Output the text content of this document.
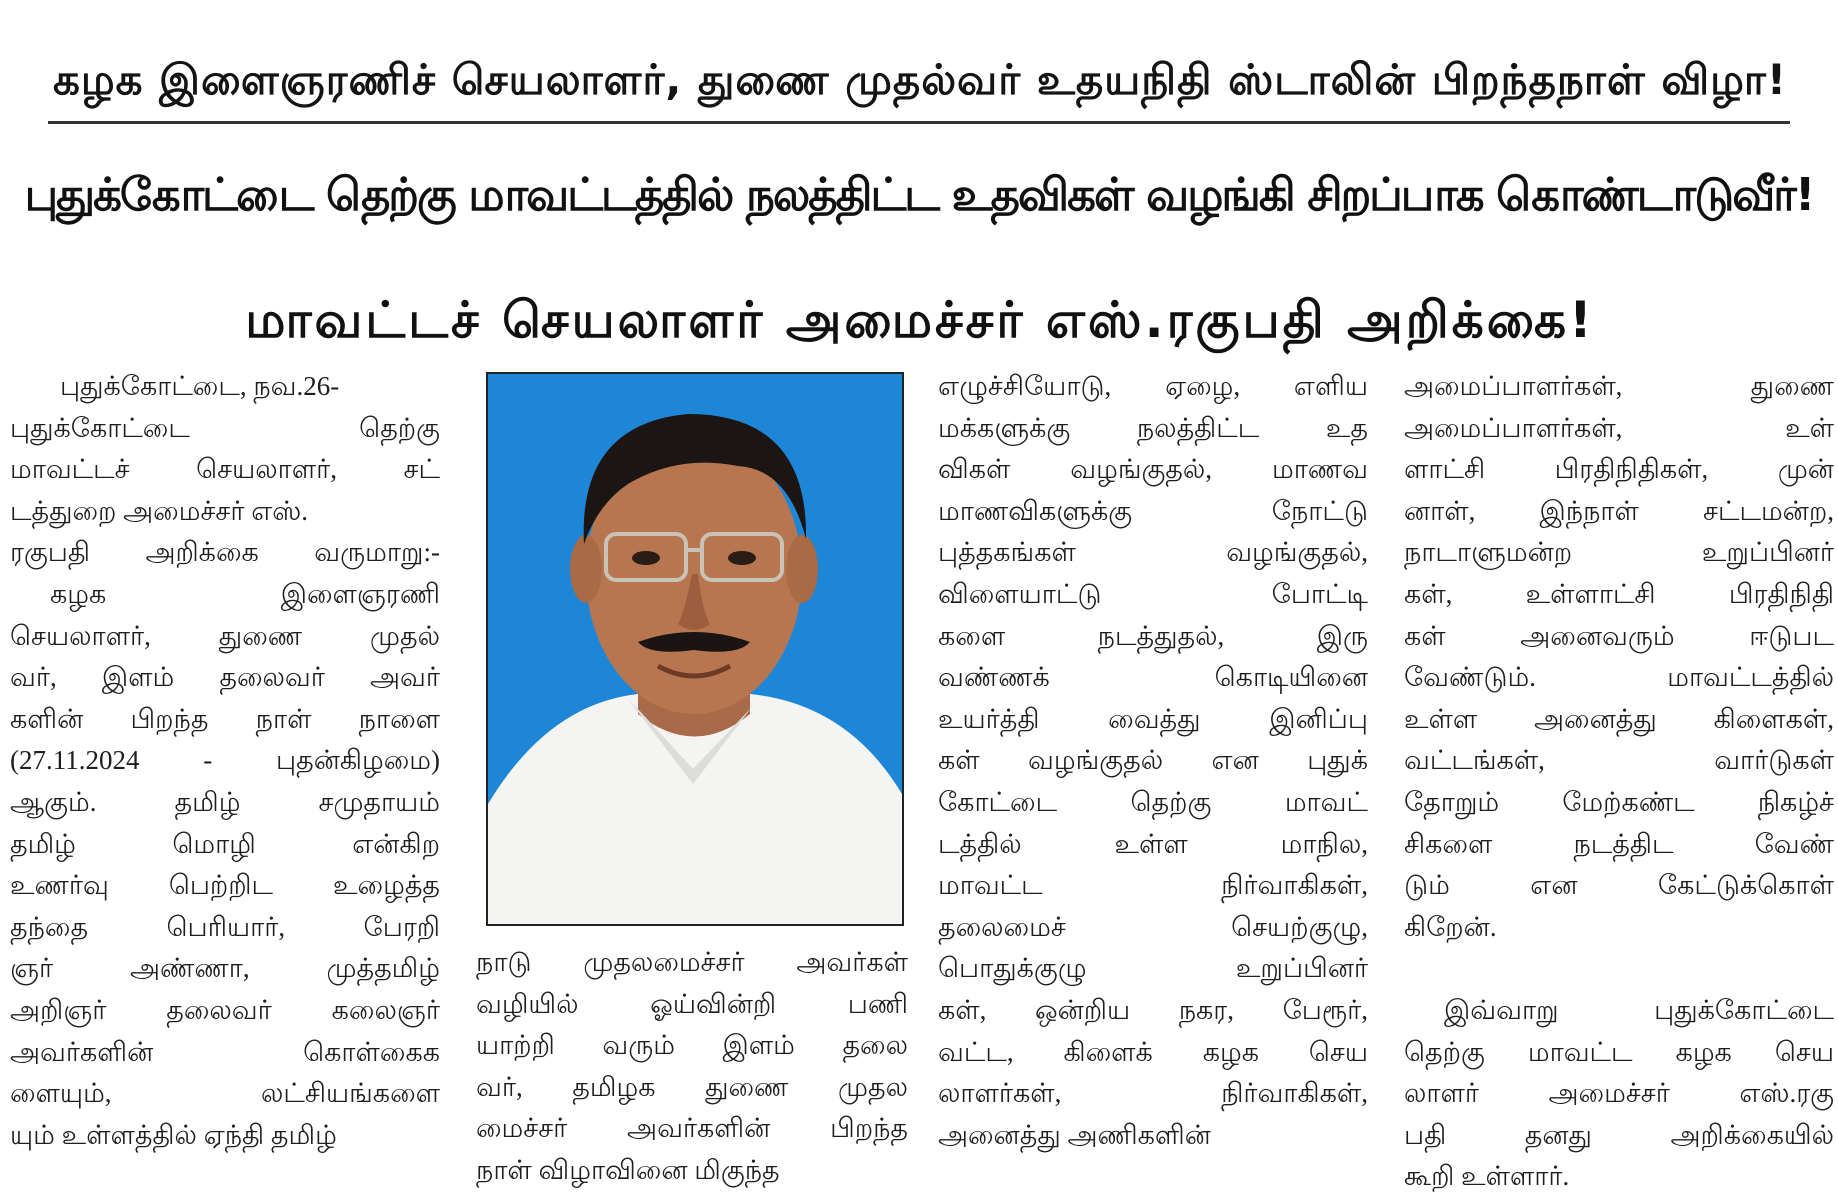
கழக இளைஞரணிச் செயலாளர், துணை முதல்வர் உதயநிதி ஸ்டாலின் பிறந்தநாள் விழா!
புதுக்கோட்டை தெற்கு மாவட்டத்தில் நலத்திட்ட உதவிகள் வழங்கி சிறப்பாக கொண்டாடுவீர்!
மாவட்டச் செயலாளர் அமைச்சர் எஸ்.ரகுபதி அறிக்கை!
புதுக்கோட்டை, நவ.26-
புதுக்கோட்டை தெற்கு
மாவட்டச் செயலாளர், சட்
டத்துறை அமைச்சர் எஸ்.
ரகுபதி அறிக்கை வருமாறு:-
கழக இளைஞரணி
செயலாளர், துணை முதல்
வர், இளம் தலைவர் அவர்
களின் பிறந்த நாள் நாளை
(27.11.2024 - புதன்கிழமை)
ஆகும். தமிழ் சமுதாயம்
தமிழ் மொழி என்கிற
உணர்வு பெற்றிட உழைத்த
தந்தை பெரியார், பேரறி
ஞர் அண்ணா, முத்தமிழ்
அறிஞர் தலைவர் கலைஞர்
அவர்களின் கொள்கைக
ளையும், லட்சியங்களை
யும் உள்ளத்தில் ஏந்தி தமிழ்
நாடு முதலமைச்சர் அவர்கள்
வழியில் ஓய்வின்றி பணி
யாற்றி வரும் இளம் தலை
வர், தமிழக துணை முதல
மைச்சர் அவர்களின் பிறந்த
நாள் விழாவினை மிகுந்த
எழுச்சியோடு, ஏழை, எளிய
மக்களுக்கு நலத்திட்ட உத
விகள் வழங்குதல், மாணவ
மாணவிகளுக்கு நோட்டு
புத்தகங்கள் வழங்குதல்,
விளையாட்டு போட்டி
களை நடத்துதல், இரு
வண்ணக் கொடியினை
உயர்த்தி வைத்து இனிப்பு
கள் வழங்குதல் என புதுக்
கோட்டை தெற்கு மாவட்
டத்தில் உள்ள மாநில,
மாவட்ட நிர்வாகிகள்,
தலைமைச் செயற்குழு,
பொதுக்குழு உறுப்பினர்
கள், ஒன்றிய நகர, பேரூர்,
வட்ட, கிளைக் கழக செய
லாளர்கள், நிர்வாகிகள்,
அனைத்து அணிகளின்
அமைப்பாளர்கள், துணை
அமைப்பாளர்கள், உள்
ளாட்சி பிரதிநிதிகள், முன்
னாள், இந்நாள் சட்டமன்ற,
நாடாளுமன்ற உறுப்பினர்
கள், உள்ளாட்சி பிரதிநிதி
கள் அனைவரும் ஈடுபட
வேண்டும். மாவட்டத்தில்
உள்ள அனைத்து கிளைகள்,
வட்டங்கள், வார்டுகள்
தோறும் மேற்கண்ட நிகழ்ச்
சிகளை நடத்திட வேண்
டும் என கேட்டுக்கொள்
கிறேன்.

இவ்வாறு புதுக்கோட்டை
தெற்கு மாவட்ட கழக செய
லாளர் அமைச்சர் எஸ்.ரகு
பதி தனது அறிக்கையில்
கூறி உள்ளார்.
